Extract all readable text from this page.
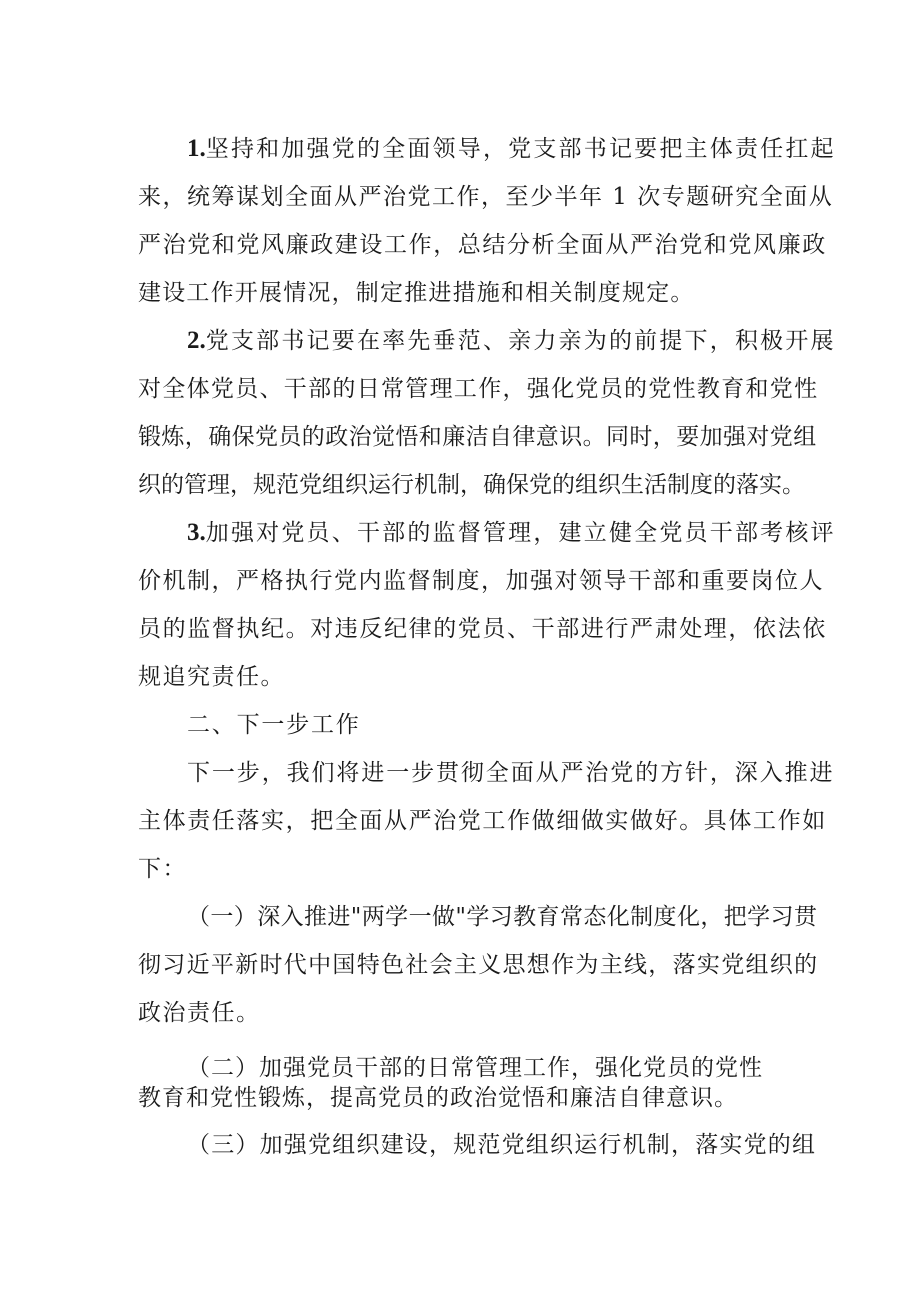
1.坚持和加强党的全面领导，党支部书记要把主体责任扛起

来，统筹谋划全面从严治党工作，至少半年 1 次专题研究全面从

严治党和党风廉政建设工作，总结分析全面从严治党和党风廉政

建设工作开展情况，制定推进措施和相关制度规定。

2.党支部书记要在率先垂范、亲力亲为的前提下，积极开展

对全体党员、干部的日常管理工作，强化党员的党性教育和党性

锻炼，确保党员的政治觉悟和廉洁自律意识。同时，要加强对党组

织的管理，规范党组织运行机制，确保党的组织生活制度的落实。

3.加强对党员、干部的监督管理，建立健全党员干部考核评

价机制，严格执行党内监督制度，加强对领导干部和重要岗位人

员的监督执纪。对违反纪律的党员、干部进行严肃处理，依法依

规追究责任。

二、下一步工作

下一步，我们将进一步贯彻全面从严治党的方针，深入推进

主体责任落实，把全面从严治党工作做细做实做好。具体工作如

下：

（一）深入推进"两学一做"学习教育常态化制度化，把学习贯

彻习近平新时代中国特色社会主义思想作为主线，落实党组织的

政治责任。

（二）加强党员干部的日常管理工作，强化党员的党性

教育和党性锻炼，提高党员的政治觉悟和廉洁自律意识。

（三）加强党组织建设，规范党组织运行机制，落实党的组
